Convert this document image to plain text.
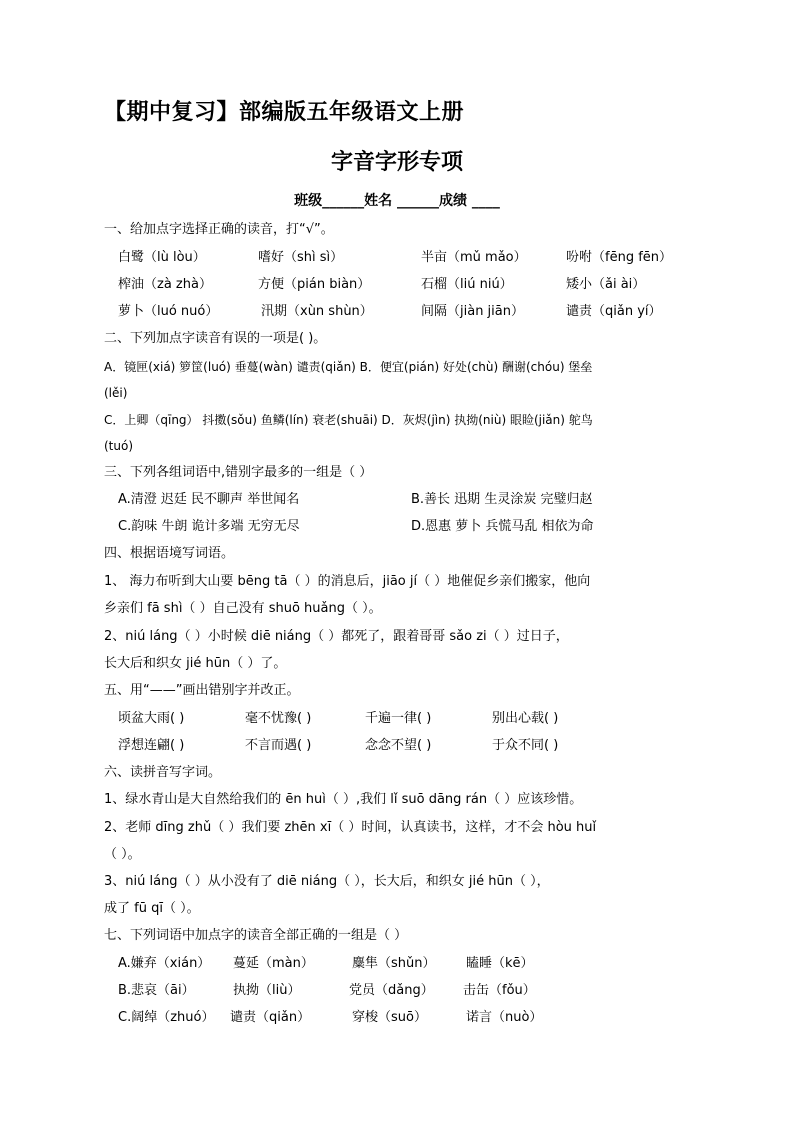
【期中复习】部编版五年级语文上册
字音字形专项
班级______姓名 ______成绩 ____
一、给加点字选择正确的读音，打“√”。
白鹭（lù lòu）	嗜好（shì sì）	半亩（mǔ mǎo）	吩咐（fēng fēn）
榨油（zà zhà）	方便（pián biàn）	石榴（liú niú）	矮小（ǎi ài）
萝卜（luó nuó）	汛期（xùn shùn）	间隔（jiàn jiān）	谴责（qiǎn yí）
二、下列加点字读音有误的一项是( )。
A．镜匣(xiá) 箩筐(luó) 垂蔓(wàn) 谴责(qiǎn) B．便宜(pián) 好处(chù) 酬谢(chóu) 堡垒
(lěi)
C．上卿（qīng） 抖擞(sǒu) 鱼鳞(lín) 衰老(shuāi) D．灰烬(jìn) 执拗(niù) 眼睑(jiǎn) 鸵鸟
(tuó)
三、下列各组词语中,错别字最多的一组是（ ）
A.清澄 迟廷 民不聊声 举世闻名	B.善长 迅期 生灵涂炭 完璧归赵
C.韵味 牛朗 诡计多端 无穷无尽	D.恩惠 萝卜 兵慌马乱 相依为命
四、根据语境写词语。
1、 海力布听到大山要 bēng tā（ ）的消息后，jiāo jí（ ）地催促乡亲们搬家，他向
乡亲们 fā shì（ ）自己没有 shuō huǎng（ ）。
2、niú láng（ ）小时候 diē niáng（ ）都死了，跟着哥哥 sǎo zi（ ）过日子，
长大后和织女 jié hūn（ ）了。
五、用“——”画出错别字并改正。
顷盆大雨( )	毫不忧豫( )	千遍一律( )	别出心载( )
浮想连翩( )	不言而遇( )	念念不望( )	于众不同( )
六、读拼音写字词。
1、绿水青山是大自然给我们的 ēn huì（ ）,我们 lǐ suō dāng rán（ ）应该珍惜。
2、老师 dīng zhǔ（ ）我们要 zhēn xī（ ）时间，认真读书，这样，才不会 hòu huǐ
（ ）。
3、niú láng（ ）从小没有了 diē niáng（ ），长大后，和织女 jié hūn（ ），
成了 fū qī（ ）。
七、下列词语中加点字的读音全部正确的一组是（ ）
A.嫌弃（xián） 蔓延（màn）	麋隼（shǔn） 瞌睡（kē）
B.悲哀（āi）	执拗（liù）	党员（dǎng） 击缶（fǒu）
C.阔绰（zhuó） 谴责（qiǎn）	穿梭（suō）	诺言（nuò）
